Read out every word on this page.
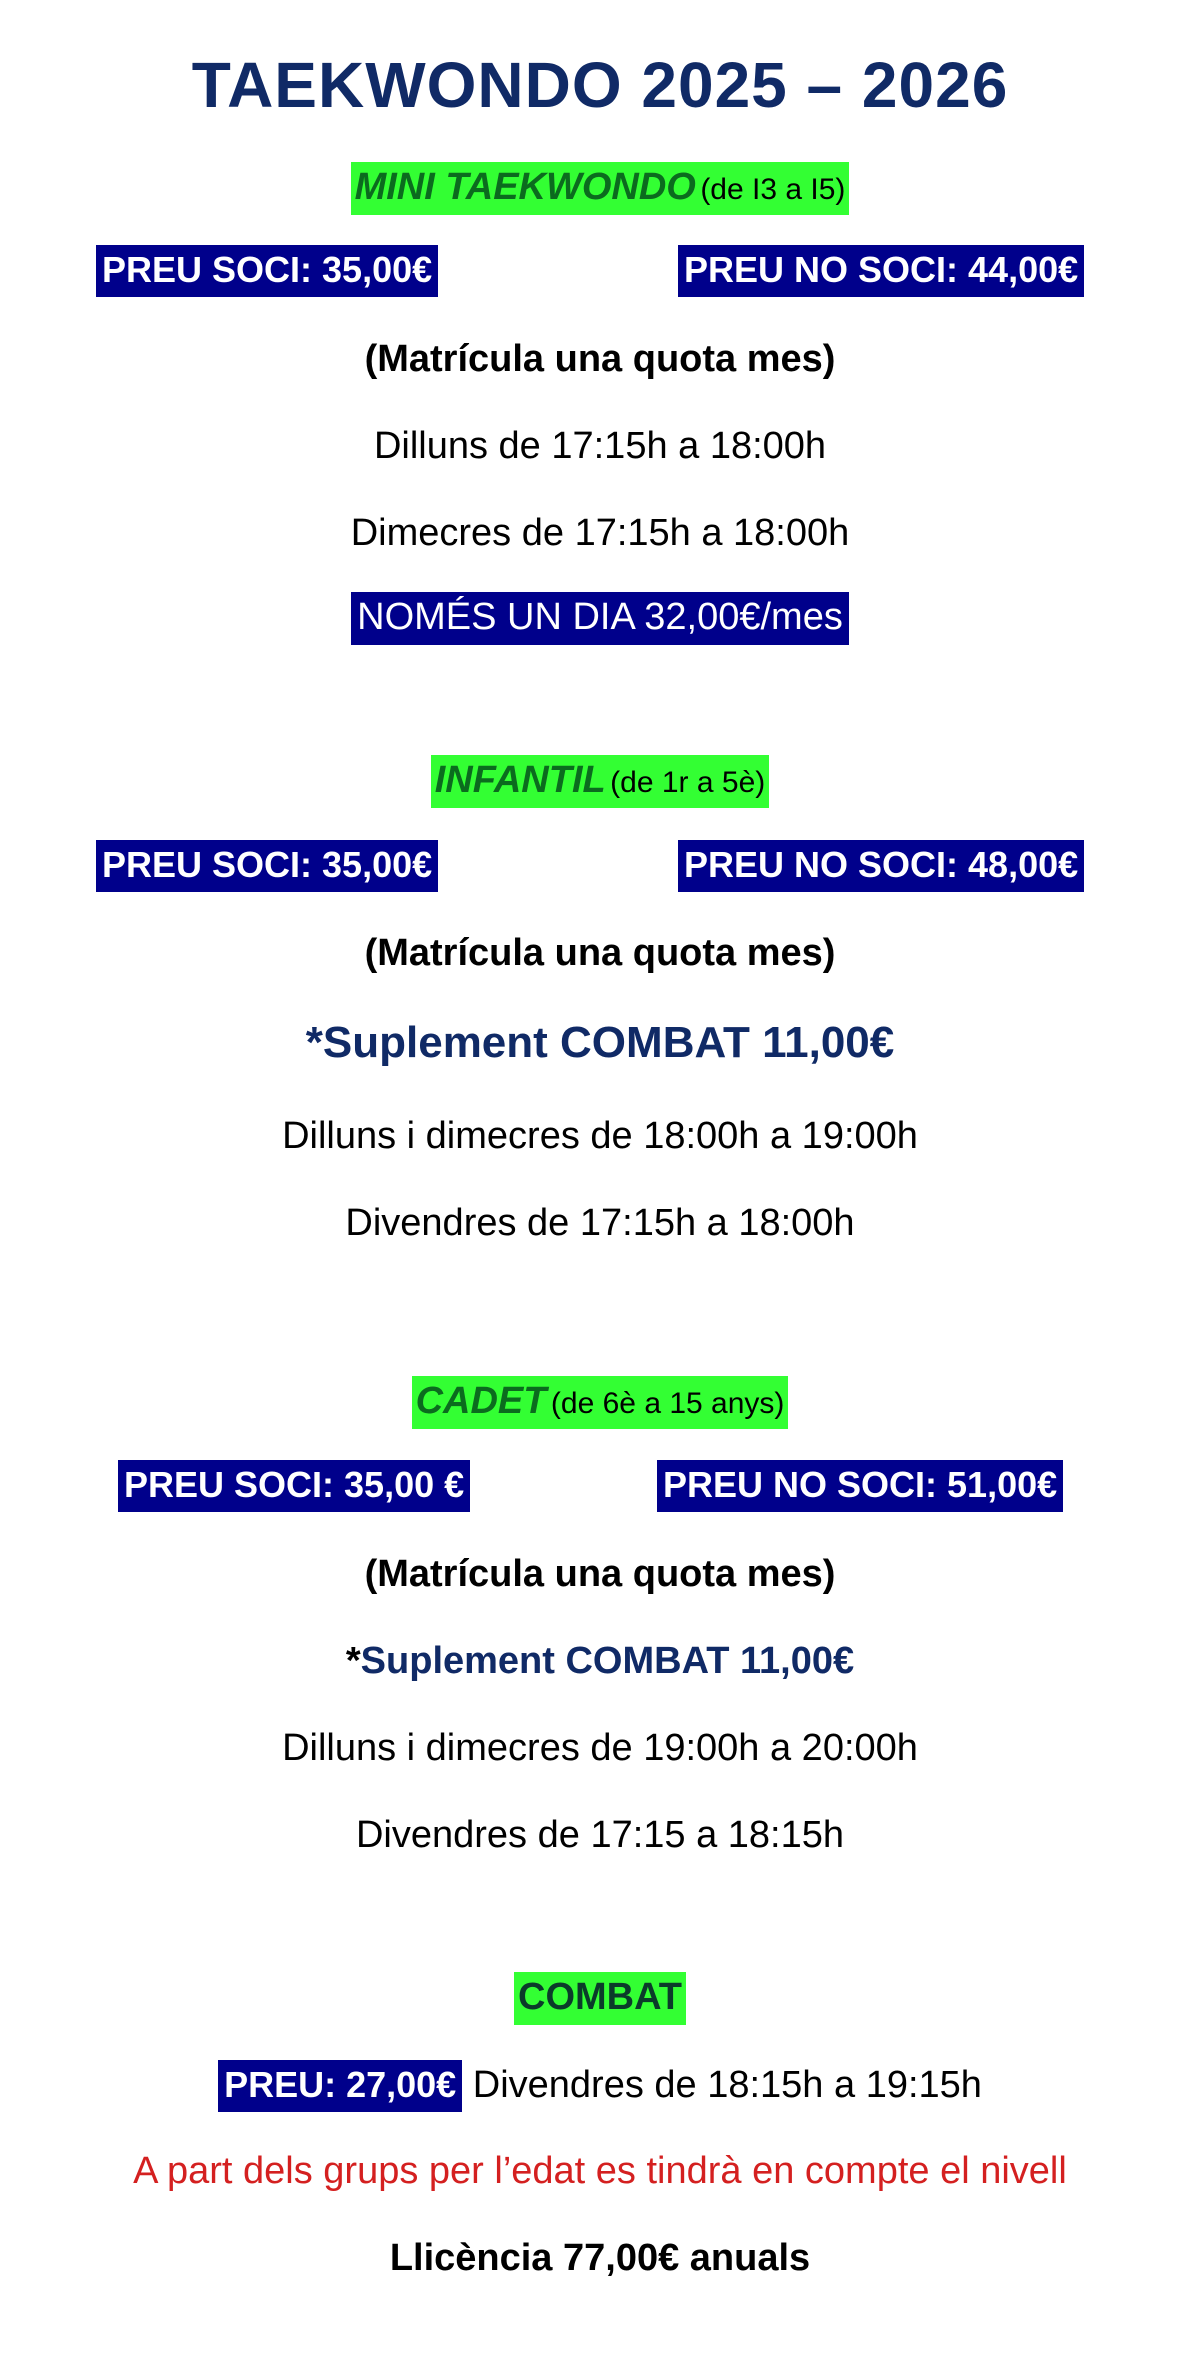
TAEKWONDO 2025 – 2026
MINI TAEKWONDO (de I3 a I5)
PREU SOCI: 35,00€	PREU NO SOCI: 44,00€
(Matrícula una quota mes)
Dilluns de 17:15h a 18:00h
Dimecres de 17:15h a 18:00h
NOMÉS UN DIA 32,00€/mes
INFANTIL (de 1r a 5è)
PREU SOCI: 35,00€	PREU NO SOCI: 48,00€
(Matrícula una quota mes)
*Suplement COMBAT 11,00€
Dilluns i dimecres de 18:00h a 19:00h
Divendres de 17:15h a 18:00h
CADET (de 6è a 15 anys)
PREU SOCI: 35,00 €	PREU NO SOCI: 51,00€
(Matrícula una quota mes)
*Suplement COMBAT 11,00€
Dilluns i dimecres de 19:00h a 20:00h
Divendres de 17:15 a 18:15h
COMBAT
PREU: 27,00€ Divendres de 18:15h a 19:15h
A part dels grups per l’edat es tindrà en compte el nivell
Llicència 77,00€ anuals
